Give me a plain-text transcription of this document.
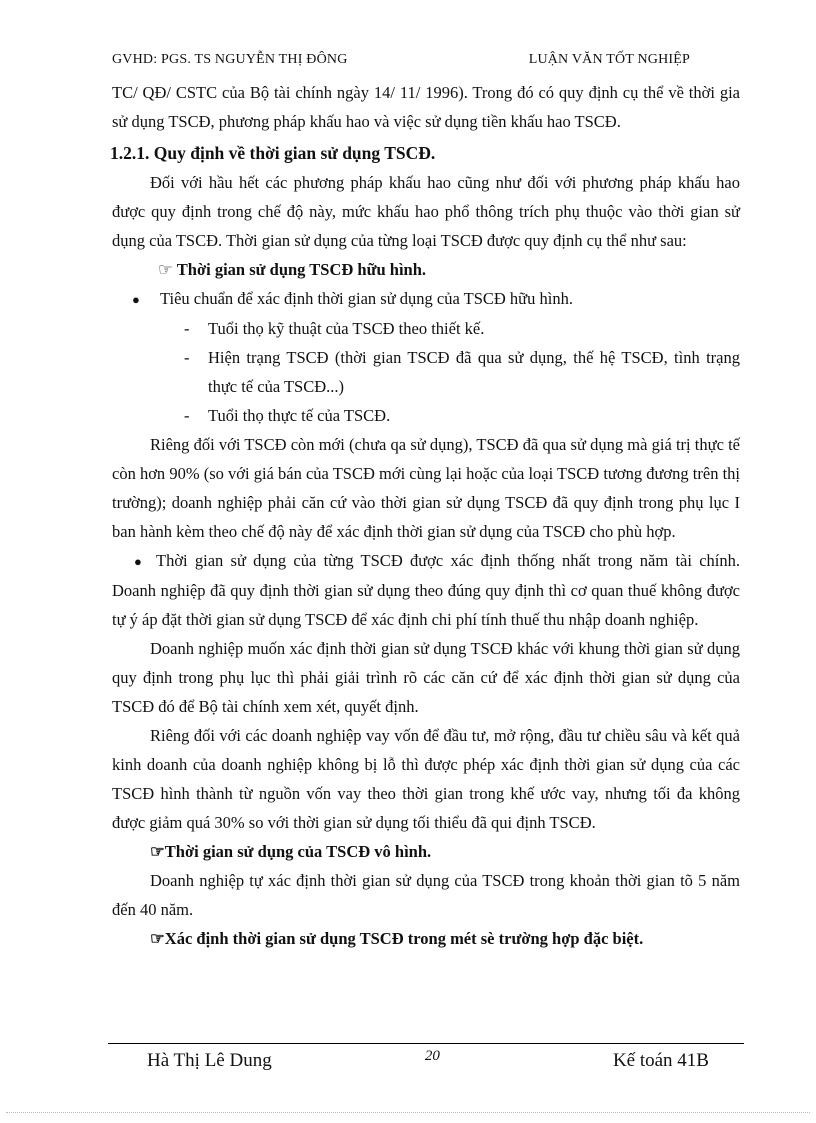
GVHD: PGS. TS NGUYỄN THỊ ĐÔNG	LUẬN VĂN TỐT NGHIỆP

TC/ QĐ/ CSTC của Bộ tài chính ngày 14/ 11/ 1996). Trong đó có quy định cụ thể về thời gia sử dụng TSCĐ, phương pháp khấu hao và việc sử dụng tiền khấu hao TSCĐ.

1.2.1. Quy định về thời gian sử dụng TSCĐ.

Đối với hầu hết các phương pháp khấu hao cũng như đối với phương pháp khấu hao được quy định trong chế độ này, mức khấu hao phổ thông trích phụ thuộc vào thời gian sử dụng của TSCĐ. Thời gian sử dụng của từng loại TSCĐ được quy định cụ thể như sau:

☞ Thời gian sử dụng TSCĐ hữu hình.

●	Tiêu chuẩn để xác định thời gian sử dụng của TSCĐ hữu hình.
-	Tuổi thọ kỹ thuật của TSCĐ theo thiết kế.
-	Hiện trạng TSCĐ (thời gian TSCĐ đã qua sử dụng, thế hệ TSCĐ, tình trạng thực tế của TSCĐ...)
-	Tuổi thọ thực tế của TSCĐ.

Riêng đối với TSCĐ còn mới (chưa qa sử dụng), TSCĐ đã qua sử dụng mà giá trị thực tế còn hơn 90% (so với giá bán của TSCĐ mới cùng lại hoặc của loại TSCĐ tương đương trên thị trường); doanh nghiệp phải căn cứ vào thời gian sử dụng TSCĐ đã quy định trong phụ lục I ban hành kèm theo chế độ này để xác định thời gian sử dụng của TSCĐ cho phù hợp.

● Thời gian sử dụng của từng TSCĐ được xác định thống nhất trong năm tài chính. Doanh nghiệp đã quy định thời gian sử dụng theo đúng quy định thì cơ quan thuế không được tự ý áp đặt thời gian sử dụng TSCĐ để xác định chi phí tính thuế thu nhập doanh nghiệp.

Doanh nghiệp muốn xác định thời gian sử dụng TSCĐ khác với khung thời gian sử dụng quy định trong phụ lục thì phải giải trình rõ các căn cứ để xác định thời gian sử dụng của TSCĐ đó để Bộ tài chính xem xét, quyết định.

Riêng đối với các doanh nghiệp vay vốn để đầu tư, mở rộng, đầu tư chiều sâu và kết quả kinh doanh của doanh nghiệp không bị lỗ thì được phép xác định thời gian sử dụng của các TSCĐ hình thành từ nguồn vốn vay theo thời gian trong khế ước vay, nhưng tối đa không được giảm quá 30% so với thời gian sử dụng tối thiểu đã qui định TSCĐ.

☞Thời gian sử dụng của TSCĐ vô hình.

Doanh nghiệp tự xác định thời gian sử dụng của TSCĐ trong khoản thời gian tõ 5 năm đến 40 năm.

☞Xác định thời gian sử dụng TSCĐ trong mét sè trường hợp đặc biệt.

Hà Thị Lê Dung	20	Kế toán 41B
